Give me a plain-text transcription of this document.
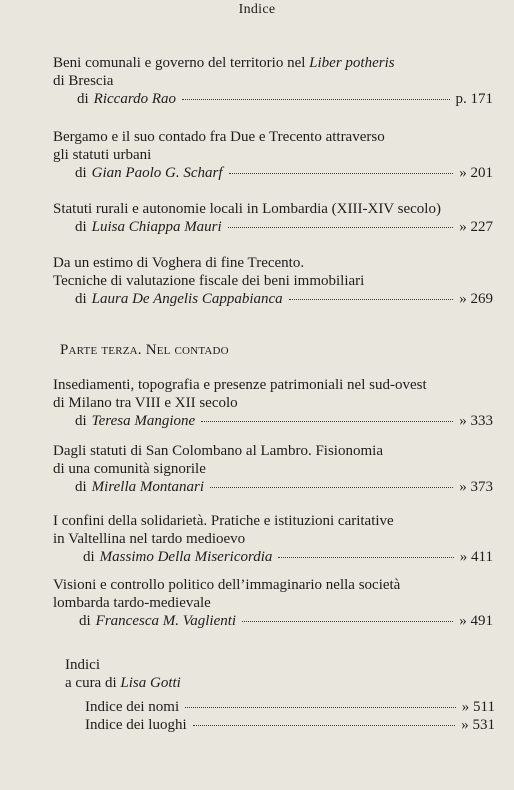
Indice
Beni comunali e governo del territorio nel Liber potheris
di Brescia
di Riccardo Rao	p. 171
Bergamo e il suo contado fra Due e Trecento attraverso
gli statuti urbani
di Gian Paolo G. Scharf	» 201
Statuti rurali e autonomie locali in Lombardia (XIII-XIV secolo)
di Luisa Chiappa Mauri	» 227
Da un estimo di Voghera di fine Trecento.
Tecniche di valutazione fiscale dei beni immobiliari
di Laura De Angelis Cappabianca	» 269
Parte terza. Nel contado
Insediamenti, topografia e presenze patrimoniali nel sud-ovest
di Milano tra VIII e XII secolo
di Teresa Mangione	» 333
Dagli statuti di San Colombano al Lambro. Fisionomia
di una comunità signorile
di Mirella Montanari	» 373
I confini della solidarietà. Pratiche e istituzioni caritative
in Valtellina nel tardo medioevo
di Massimo Della Misericordia	» 411
Visioni e controllo politico dell’immaginario nella società
lombarda tardo-medievale
di Francesca M. Vaglienti	» 491
Indici
a cura di Lisa Gotti
Indice dei nomi	» 511
Indice dei luoghi	» 531
